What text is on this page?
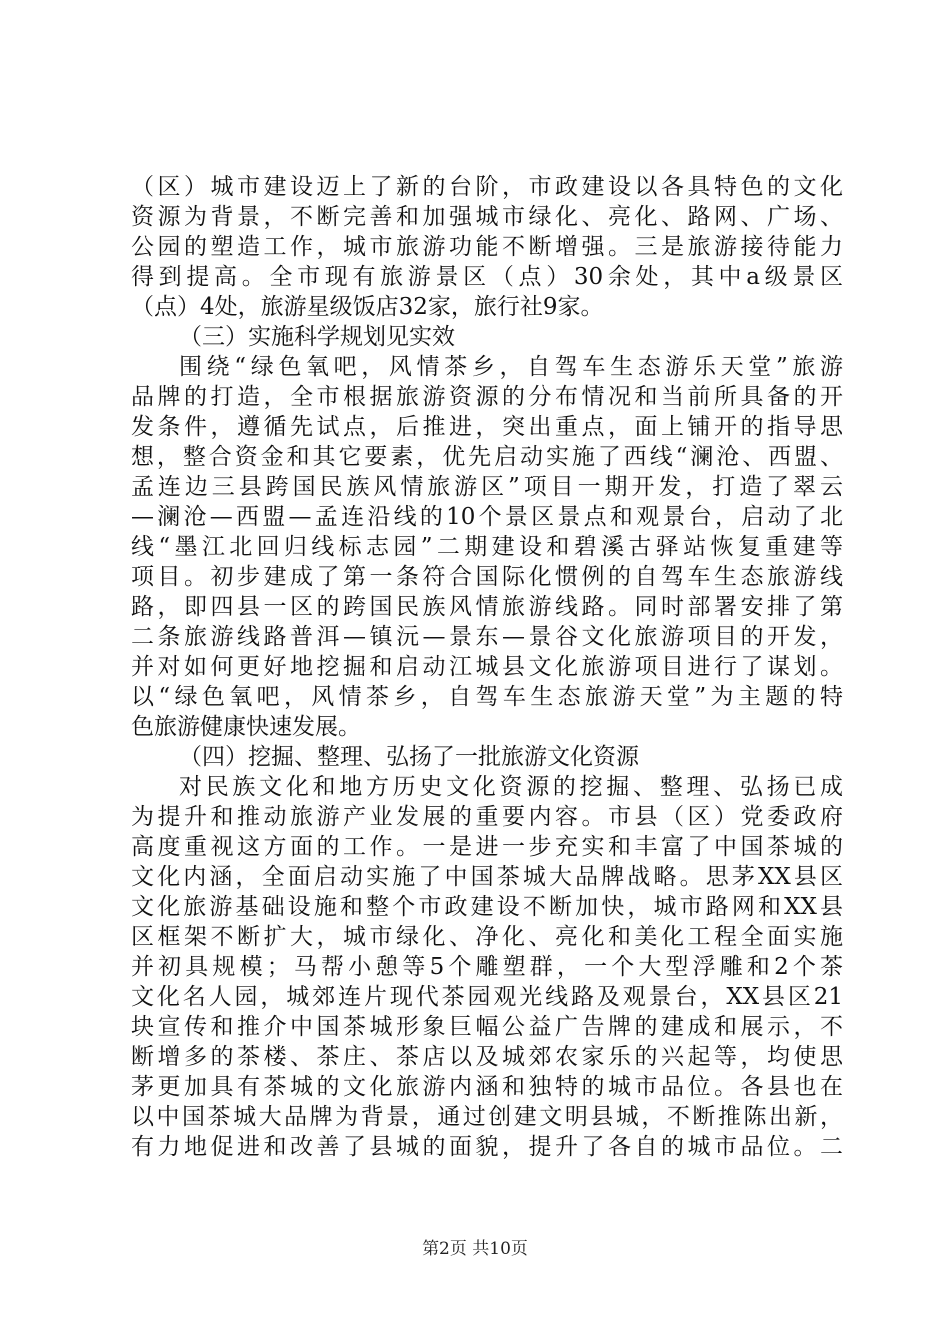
（区）城市建设迈上了新的台阶，市政建设以各具特色的文化
资源为背景，不断完善和加强城市绿化、亮化、路网、广场、
公园的塑造工作，城市旅游功能不断增强。三是旅游接待能力
得到提高。全市现有旅游景区（点）30余处，其中a级景区
（点）4处，旅游星级饭店32家，旅行社9家。
（三）实施科学规划见实效
围绕“绿色氧吧，风情茶乡，自驾车生态游乐天堂”旅游
品牌的打造，全市根据旅游资源的分布情况和当前所具备的开
发条件，遵循先试点，后推进，突出重点，面上铺开的指导思
想，整合资金和其它要素，优先启动实施了西线“澜沧、西盟、
孟连边三县跨国民族风情旅游区”项目一期开发，打造了翠云
—澜沧—西盟—孟连沿线的10个景区景点和观景台，启动了北
线“墨江北回归线标志园”二期建设和碧溪古驿站恢复重建等
项目。初步建成了第一条符合国际化惯例的自驾车生态旅游线
路，即四县一区的跨国民族风情旅游线路。同时部署安排了第
二条旅游线路普洱—镇沅—景东—景谷文化旅游项目的开发，
并对如何更好地挖掘和启动江城县文化旅游项目进行了谋划。
以“绿色氧吧，风情茶乡，自驾车生态旅游天堂”为主题的特
色旅游健康快速发展。
（四）挖掘、整理、弘扬了一批旅游文化资源
对民族文化和地方历史文化资源的挖掘、整理、弘扬已成
为提升和推动旅游产业发展的重要内容。市县（区）党委政府
高度重视这方面的工作。一是进一步充实和丰富了中国茶城的
文化内涵，全面启动实施了中国茶城大品牌战略。思茅XX县区
文化旅游基础设施和整个市政建设不断加快，城市路网和XX县
区框架不断扩大，城市绿化、净化、亮化和美化工程全面实施
并初具规模；马帮小憩等5个雕塑群，一个大型浮雕和2个茶
文化名人园，城郊连片现代茶园观光线路及观景台，XX县区21
块宣传和推介中国茶城形象巨幅公益广告牌的建成和展示，不
断增多的茶楼、茶庄、茶店以及城郊农家乐的兴起等，均使思
茅更加具有茶城的文化旅游内涵和独特的城市品位。各县也在
以中国茶城大品牌为背景，通过创建文明县城，不断推陈出新，
有力地促进和改善了县城的面貌，提升了各自的城市品位。二
第2页 共10页
